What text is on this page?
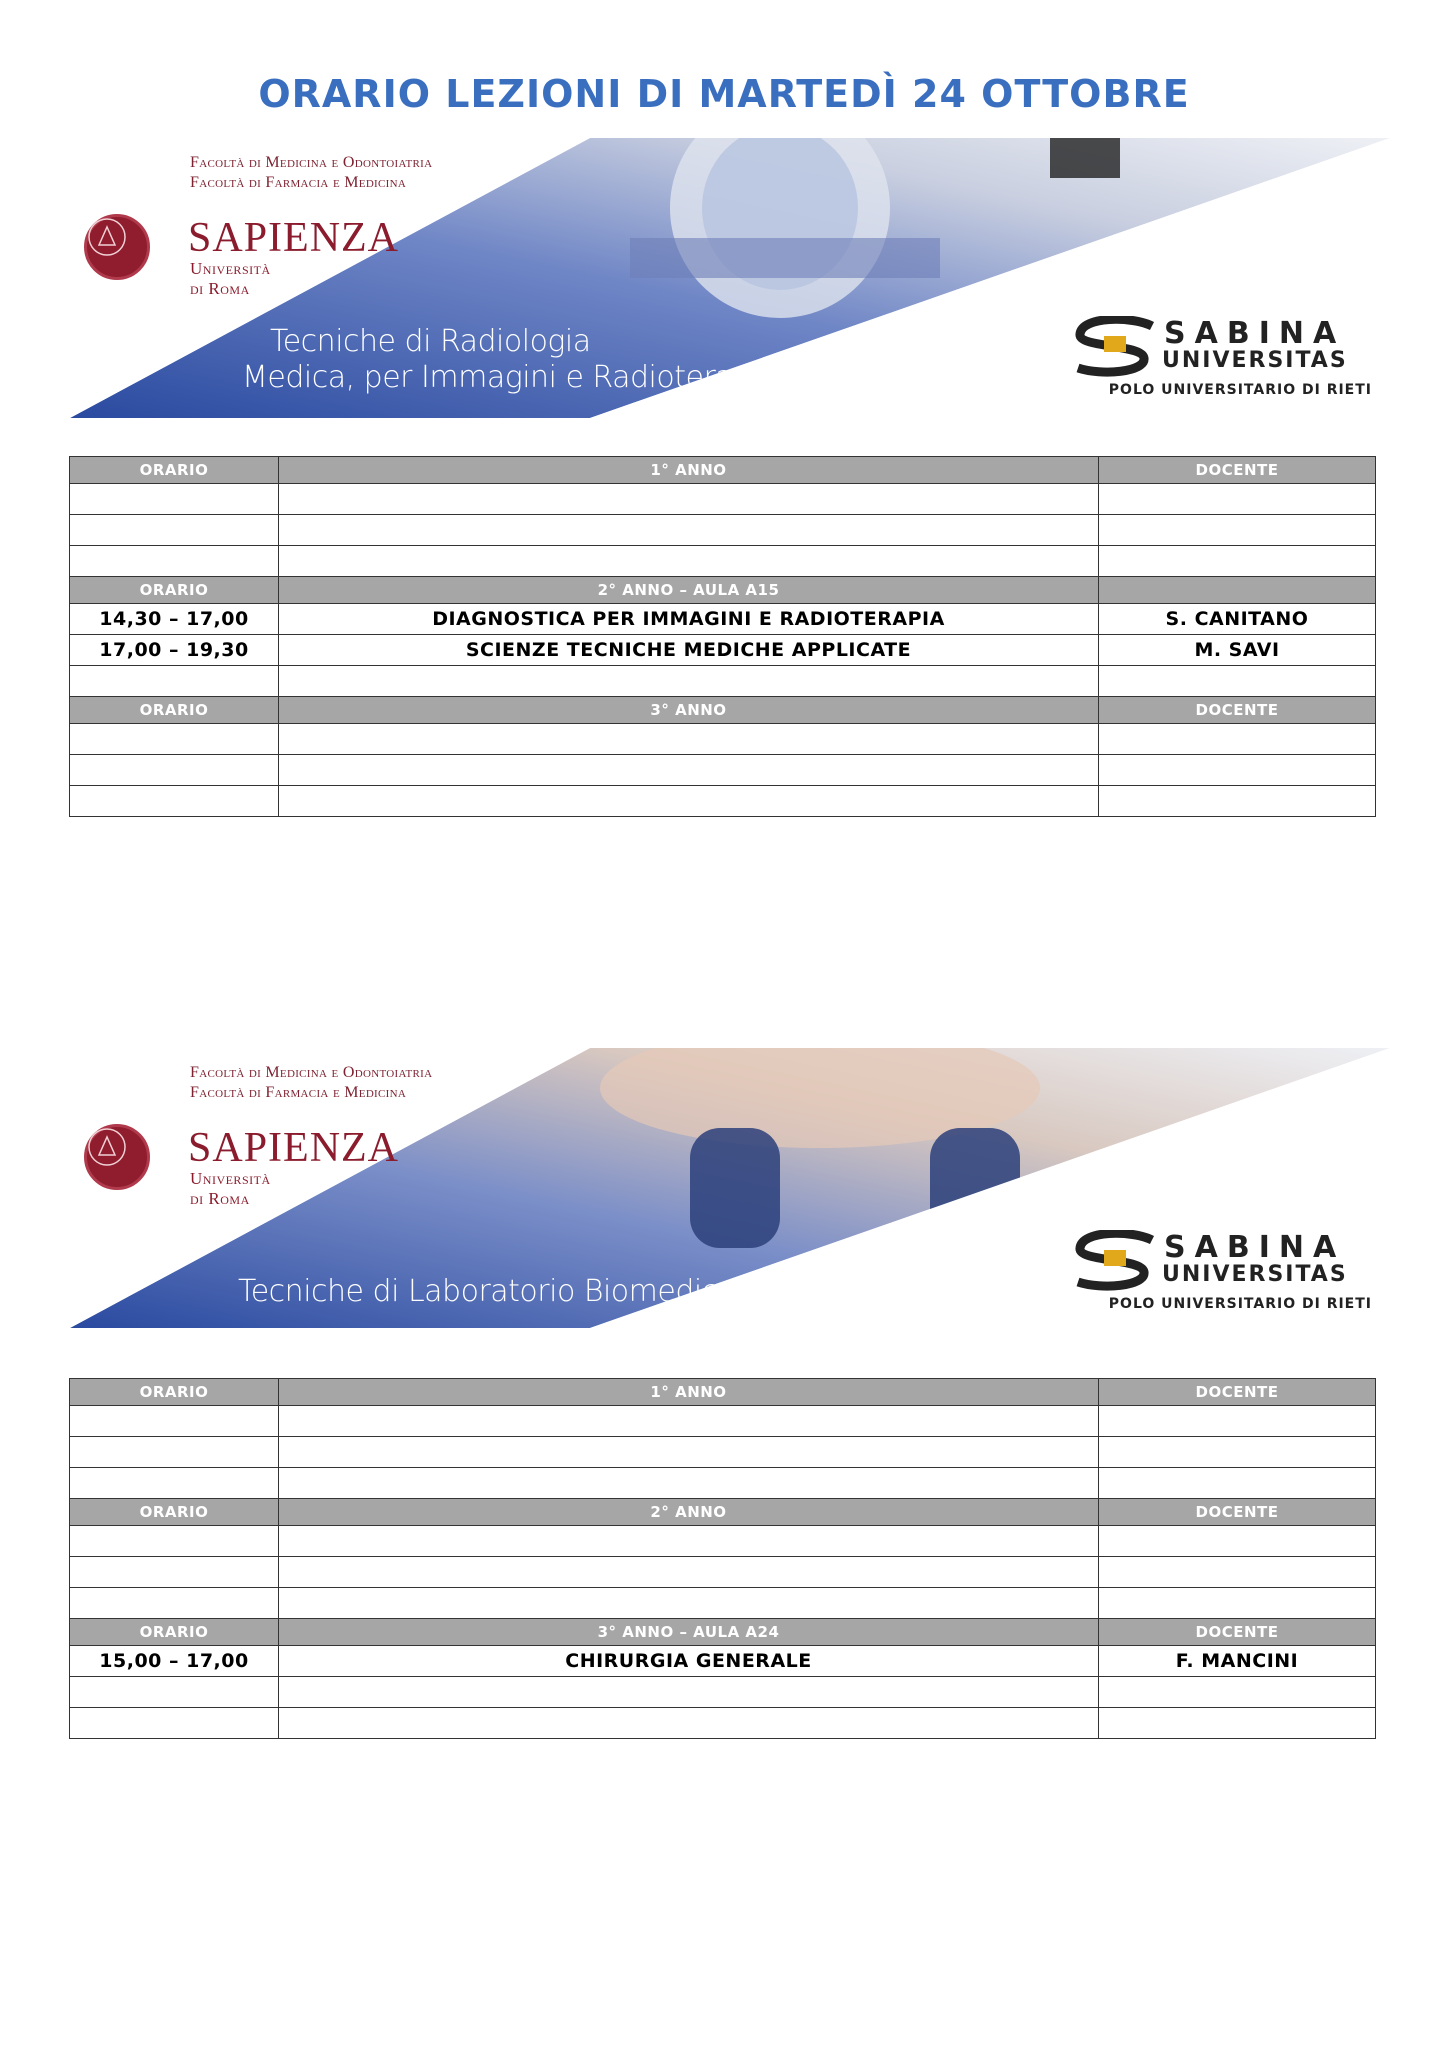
ORARIO LEZIONI DI MARTEDÌ 24 OTTOBRE
Facoltà di Medicina e Odontoiatria
Facoltà di Farmacia e Medicina
SAPIENZA
Università di Roma
Tecniche di Radiologia
Medica, per Immagini e Radioterapia
SABINA
UNIVERSITAS
POLO UNIVERSITARIO DI RIETI
ORARIO	1° ANNO	DOCENTE

ORARIO	2° ANNO – AULA A15	
14,30 – 17,00	DIAGNOSTICA PER IMMAGINI E RADIOTERAPIA	S. CANITANO
17,00 – 19,30	SCIENZE TECNICHE MEDICHE APPLICATE	M. SAVI

ORARIO	3° ANNO	DOCENTE

Facoltà di Medicina e Odontoiatria
Facoltà di Farmacia e Medicina
SAPIENZA
Università di Roma
Tecniche di Laboratorio Biomedico
SABINA
UNIVERSITAS
POLO UNIVERSITARIO DI RIETI
ORARIO	1° ANNO	DOCENTE

ORARIO	2° ANNO	DOCENTE

ORARIO	3° ANNO – AULA A24	DOCENTE
15,00 – 17,00	CHIRURGIA GENERALE	F. MANCINI
